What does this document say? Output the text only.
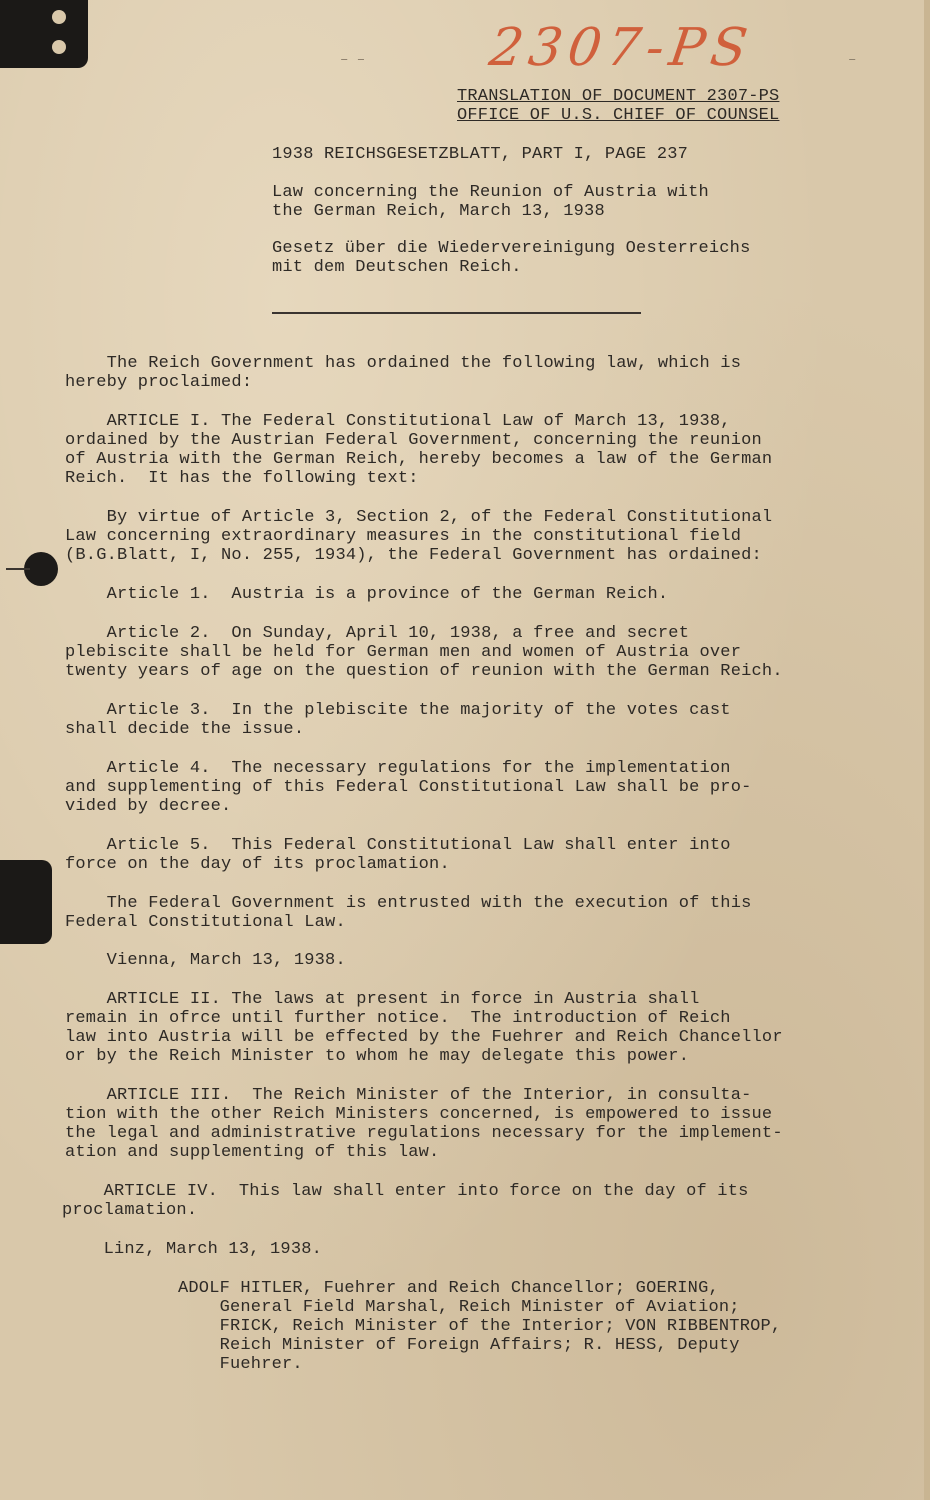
– –	–
2307-PS
TRANSLATION OF DOCUMENT 2307-PS
OFFICE OF U.S. CHIEF OF COUNSEL
1938 REICHSGESETZBLATT, PART I, PAGE 237
Law concerning the Reunion of Austria with
the German Reich, March 13, 1938
Gesetz über die Wiedervereinigung Oesterreichs
mit dem Deutschen Reich.
The Reich Government has ordained the following law, which is
hereby proclaimed:
ARTICLE I. The Federal Constitutional Law of March 13, 1938,
ordained by the Austrian Federal Government, concerning the reunion
of Austria with the German Reich, hereby becomes a law of the German
Reich.  It has the following text:
By virtue of Article 3, Section 2, of the Federal Constitutional
Law concerning extraordinary measures in the constitutional field
(B.G.Blatt, I, No. 255, 1934), the Federal Government has ordained:
Article 1.  Austria is a province of the German Reich.
Article 2.  On Sunday, April 10, 1938, a free and secret
plebiscite shall be held for German men and women of Austria over
twenty years of age on the question of reunion with the German Reich.
Article 3.  In the plebiscite the majority of the votes cast
shall decide the issue.
Article 4.  The necessary regulations for the implementation
and supplementing of this Federal Constitutional Law shall be pro-
vided by decree.
Article 5.  This Federal Constitutional Law shall enter into
force on the day of its proclamation.
The Federal Government is entrusted with the execution of this
Federal Constitutional Law.
Vienna, March 13, 1938.
ARTICLE II. The laws at present in force in Austria shall
remain in ofrce until further notice.  The introduction of Reich
law into Austria will be effected by the Fuehrer and Reich Chancellor
or by the Reich Minister to whom he may delegate this power.
ARTICLE III.  The Reich Minister of the Interior, in consulta-
tion with the other Reich Ministers concerned, is empowered to issue
the legal and administrative regulations necessary for the implement-
ation and supplementing of this law.
ARTICLE IV.  This law shall enter into force on the day of its
proclamation.
Linz, March 13, 1938.
ADOLF HITLER, Fuehrer and Reich Chancellor; GOERING,
General Field Marshal, Reich Minister of Aviation;
FRICK, Reich Minister of the Interior; VON RIBBENTROP,
Reich Minister of Foreign Affairs; R. HESS, Deputy
Fuehrer.
